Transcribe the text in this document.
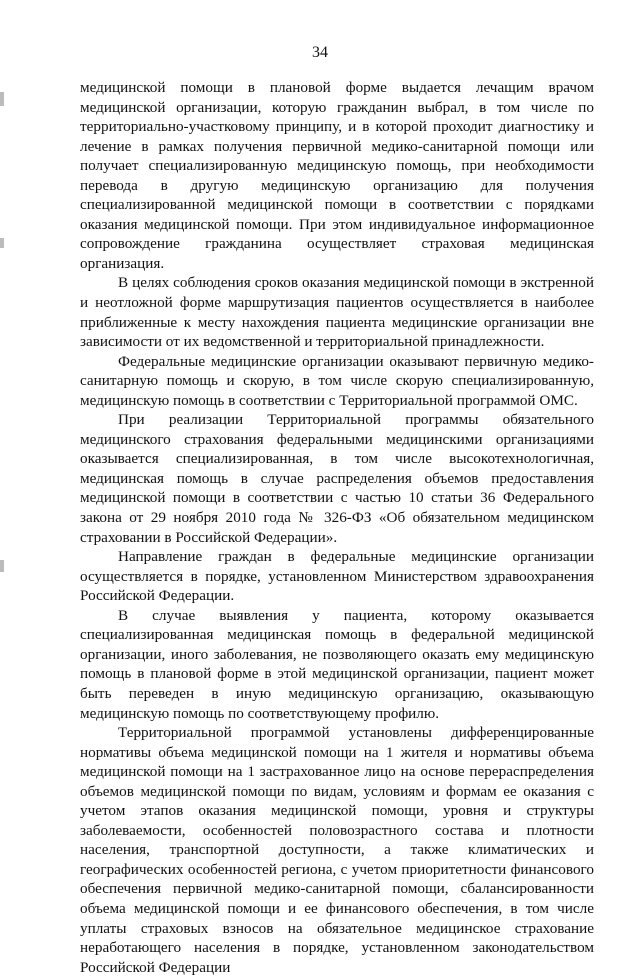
34

медицинской помощи в плановой форме выдается лечащим врачом медицинской организации, которую гражданин выбрал, в том числе по территориально-участковому принципу, и в которой проходит диагностику и лечение в рамках получения первичной медико-санитарной помощи или получает специализированную медицинскую помощь, при необходимости перевода в другую медицинскую организацию для получения специализированной медицинской помощи в соответствии с порядками оказания медицинской помощи. При этом индивидуальное информационное сопровождение гражданина осуществляет страховая медицинская организация.

В целях соблюдения сроков оказания медицинской помощи в экстренной и неотложной форме маршрутизация пациентов осуществляется в наиболее приближенные к месту нахождения пациента медицинские организации вне зависимости от их ведомственной и территориальной принадлежности.

Федеральные медицинские организации оказывают первичную медико-санитарную помощь и скорую, в том числе скорую специализированную, медицинскую помощь в соответствии с Территориальной программой ОМС.

При реализации Территориальной программы обязательного медицинского страхования федеральными медицинскими организациями оказывается специализированная, в том числе высокотехнологичная, медицинская помощь в случае распределения объемов предоставления медицинской помощи в соответствии с частью 10 статьи 36 Федерального закона от 29 ноября 2010 года № 326-ФЗ «Об обязательном медицинском страховании в Российской Федерации».

Направление граждан в федеральные медицинские организации осуществляется в порядке, установленном Министерством здравоохранения Российской Федерации.

В случае выявления у пациента, которому оказывается специализированная медицинская помощь в федеральной медицинской организации, иного заболевания, не позволяющего оказать ему медицинскую помощь в плановой форме в этой медицинской организации, пациент может быть переведен в иную медицинскую организацию, оказывающую медицинскую помощь по соответствующему профилю.

Территориальной программой установлены дифференцированные нормативы объема медицинской помощи на 1 жителя и нормативы объема медицинской помощи на 1 застрахованное лицо на основе перераспределения объемов медицинской помощи по видам, условиям и формам ее оказания с учетом этапов оказания медицинской помощи, уровня и структуры заболеваемости, особенностей половозрастного состава и плотности населения, транспортной доступности, а также климатических и географических особенностей региона, с учетом приоритетности финансового обеспечения первичной медико-санитарной помощи, сбалансированности объема медицинской помощи и ее финансового обеспечения, в том числе уплаты страховых взносов на обязательное медицинское страхование неработающего населения в порядке, установленном законодательством Российской Федерации
